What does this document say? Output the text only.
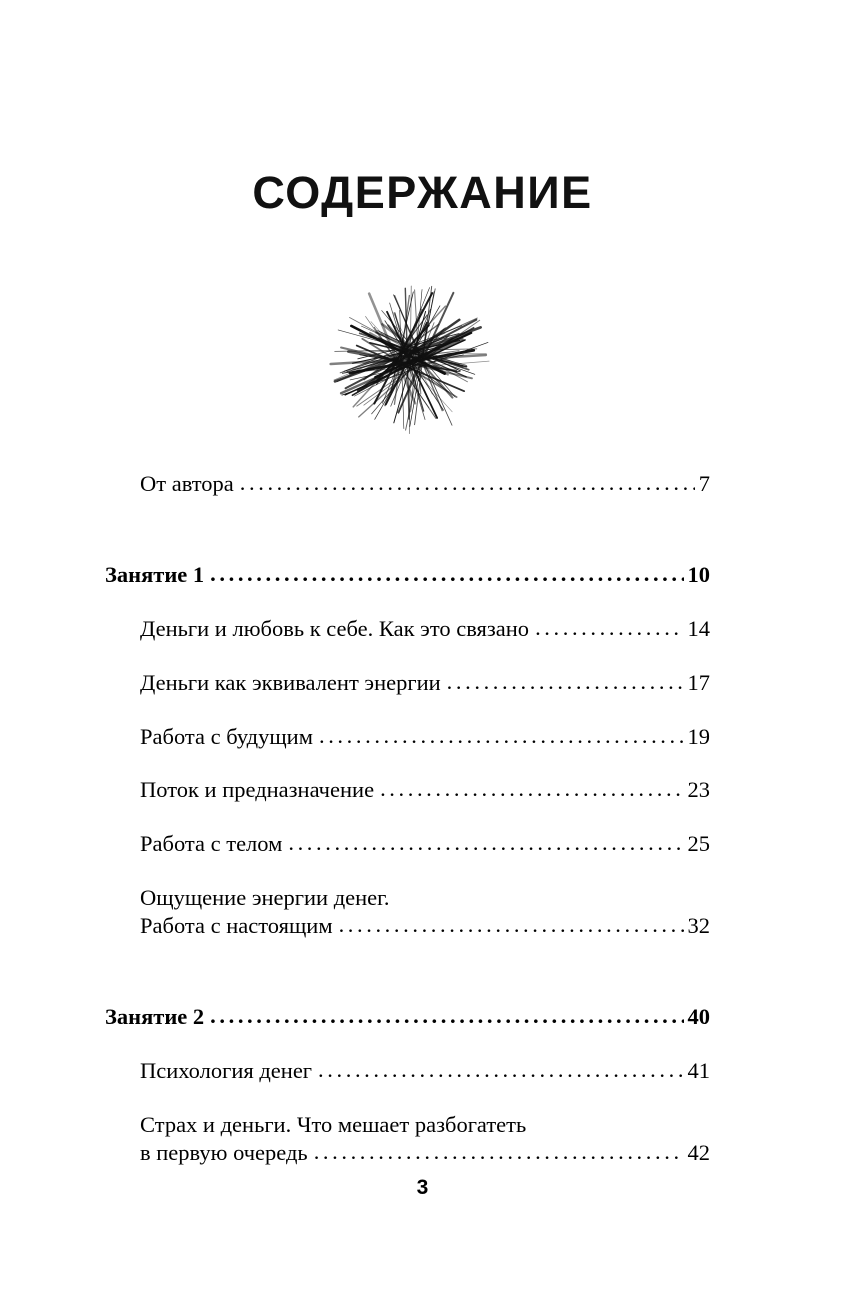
СОДЕРЖАНИЕ
От автора .....	7
Занятие 1 .....	10
Деньги и любовь к себе. Как это связано .....	14
Деньги как эквивалент энергии .....	17
Работа с будущим .....	19
Поток и предназначение .....	23
Работа с телом .....	25
Ощущение энергии денег.
Работа с настоящим .....	32
Занятие 2 .....	40
Психология денег .....	41
Страх и деньги. Что мешает разбогатеть
в первую очередь .....	42
3
